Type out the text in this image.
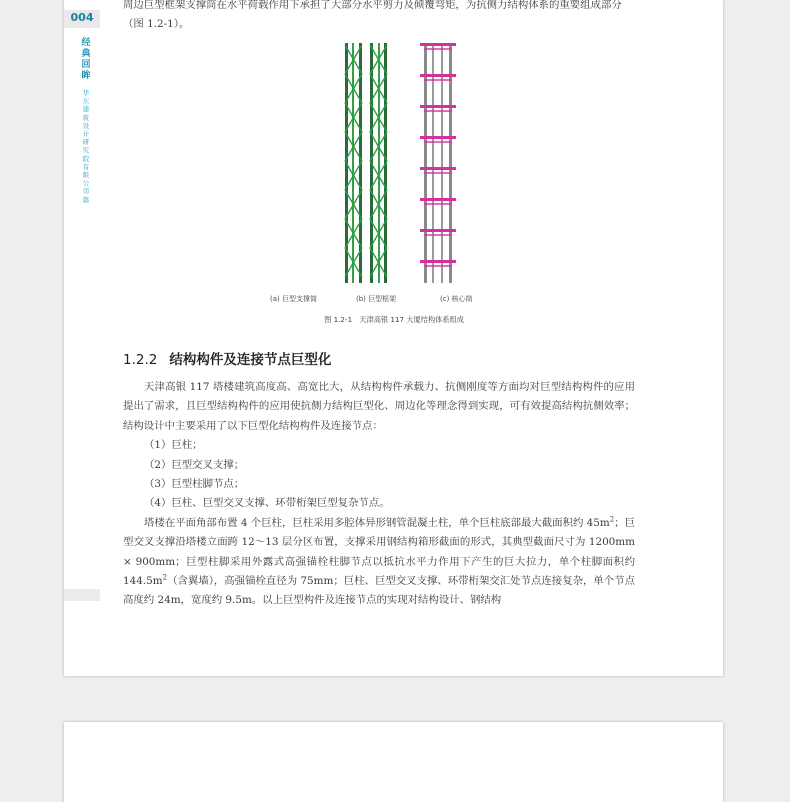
004
经典回眸
华东建筑设计研究院有限公司篇
周边巨型框架支撑筒在水平荷载作用下承担了大部分水平剪力及倾覆弯矩，为抗侧力结构体系的重要组成部分（图 1.2-1）。
(a) 巨型支撑筒	(b) 巨型框架	(c) 核心筒
图 1.2-1　天津高银 117 大厦结构体系组成
1.2.2 结构构件及连接节点巨型化

天津高银 117 塔楼建筑高度高、高宽比大，从结构构件承载力、抗侧刚度等方面均对巨型结构构件的应用提出了需求，且巨型结构构件的应用使抗侧力结构巨型化、周边化等理念得到实现，可有效提高结构抗侧效率；结构设计中主要采用了以下巨型化结构构件及连接节点：

（1）巨柱；

（2）巨型交叉支撑；

（3）巨型柱脚节点；

（4）巨柱、巨型交叉支撑、环带桁架巨型复杂节点。

塔楼在平面角部布置 4 个巨柱，巨柱采用多腔体异形钢管混凝土柱，单个巨柱底部最大截面积约 $45m^2$；巨型交叉支撑沿塔楼立面跨 12～13 层分区布置，支撑采用钢结构箱形截面的形式，其典型截面尺寸为 1200mm × 900mm；巨型柱脚采用外露式高强锚栓柱脚节点以抵抗水平力作用下产生的巨大拉力，单个柱脚面积约 $144.5m^2$（含翼墙），高强锚栓直径为 75mm；巨柱、巨型交叉支撑、环带桁架交汇处节点连接复杂，单个节点高度约 24m，宽度约 9.5m。以上巨型构件及连接节点的实现对结构设计、钢结构
